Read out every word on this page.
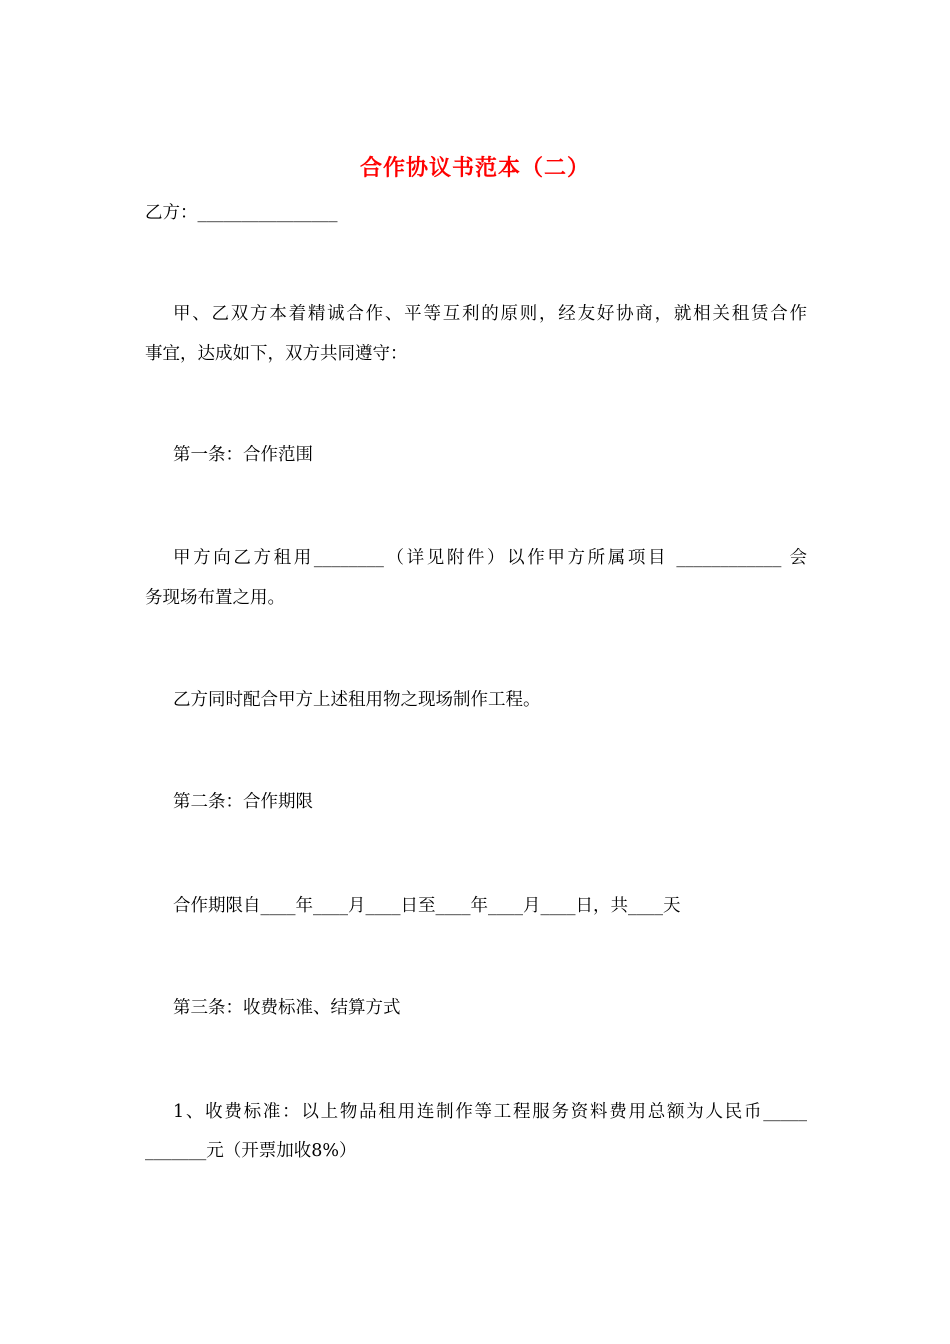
合作协议书范本（二）
乙方：________________
甲、乙双方本着精诚合作、平等互利的原则，经友好协商，就相关租赁合作
事宜，达成如下，双方共同遵守：
第一条：合作范围
甲方向乙方租用________（详见附件）以作甲方所属项目 ____________ 会
务现场布置之用。
乙方同时配合甲方上述租用物之现场制作工程。
第二条：合作期限
合作期限自____年____月____日至____年____月____日，共____天
第三条：收费标准、结算方式
1、收费标准：以上物品租用连制作等工程服务资料费用总额为人民币_____
_______元（开票加收8%）
